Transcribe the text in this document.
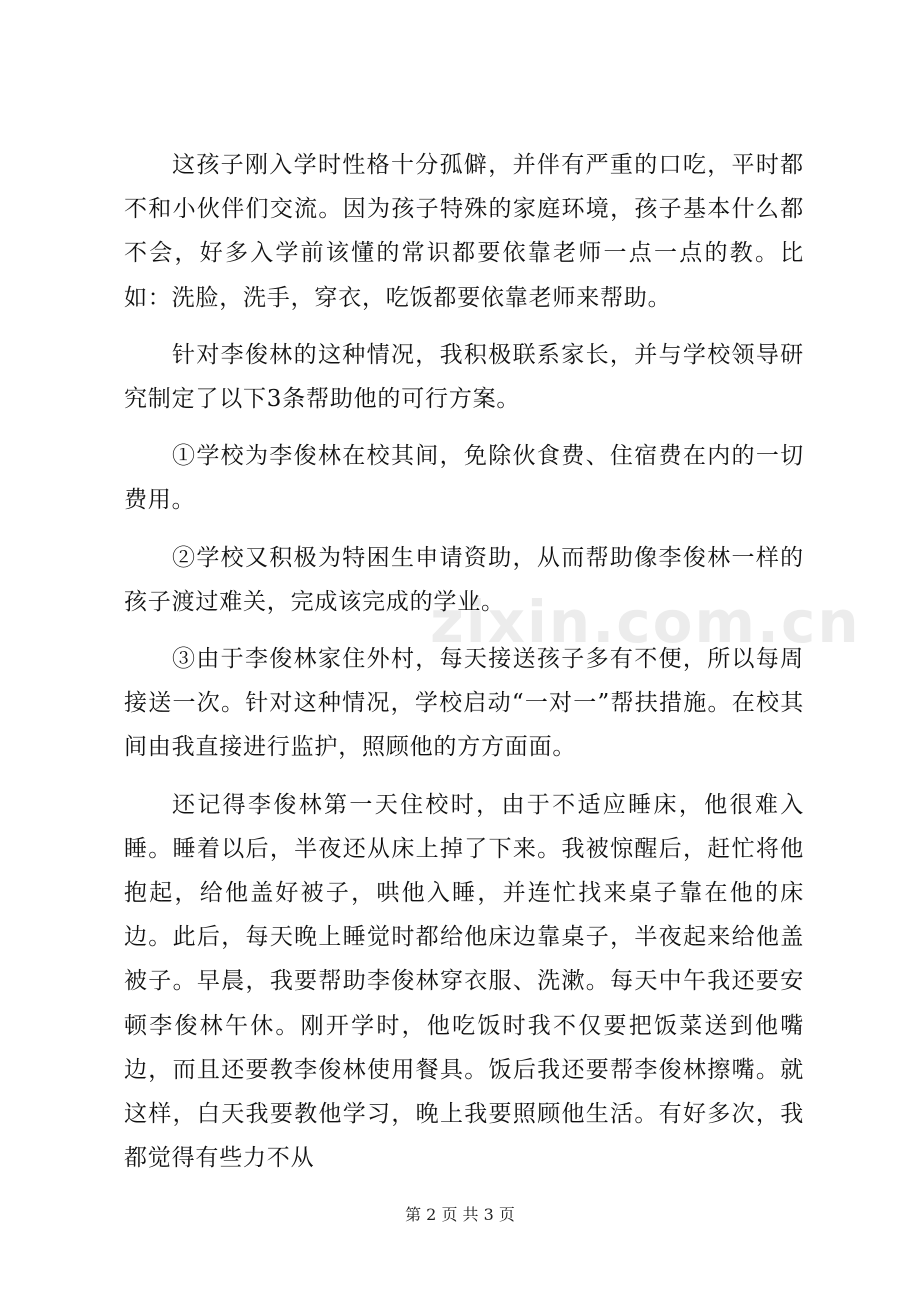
这孩子刚入学时性格十分孤僻，并伴有严重的口吃，平时都不和小伙伴们交流。因为孩子特殊的家庭环境，孩子基本什么都不会，好多入学前该懂的常识都要依靠老师一点一点的教。比如：洗脸，洗手，穿衣，吃饭都要依靠老师来帮助。

针对李俊林的这种情况，我积极联系家长，并与学校领导研究制定了以下3条帮助他的可行方案。

①学校为李俊林在校其间，免除伙食费、住宿费在内的一切费用。

②学校又积极为特困生申请资助，从而帮助像李俊林一样的孩子渡过难关，完成该完成的学业。

③由于李俊林家住外村，每天接送孩子多有不便，所以每周接送一次。针对这种情况，学校启动“一对一”帮扶措施。在校其间由我直接进行监护，照顾他的方方面面。

还记得李俊林第一天住校时，由于不适应睡床，他很难入睡。睡着以后，半夜还从床上掉了下来。我被惊醒后，赶忙将他抱起，给他盖好被子，哄他入睡，并连忙找来桌子靠在他的床边。此后，每天晚上睡觉时都给他床边靠桌子，半夜起来给他盖被子。早晨，我要帮助李俊林穿衣服、洗漱。每天中午我还要安顿李俊林午休。刚开学时，他吃饭时我不仅要把饭菜送到他嘴边，而且还要教李俊林使用餐具。饭后我还要帮李俊林擦嘴。就这样，白天我要教他学习，晚上我要照顾他生活。有好多次，我都觉得有些力不从

zixin.com.cn
第 2 页 共 3 页
